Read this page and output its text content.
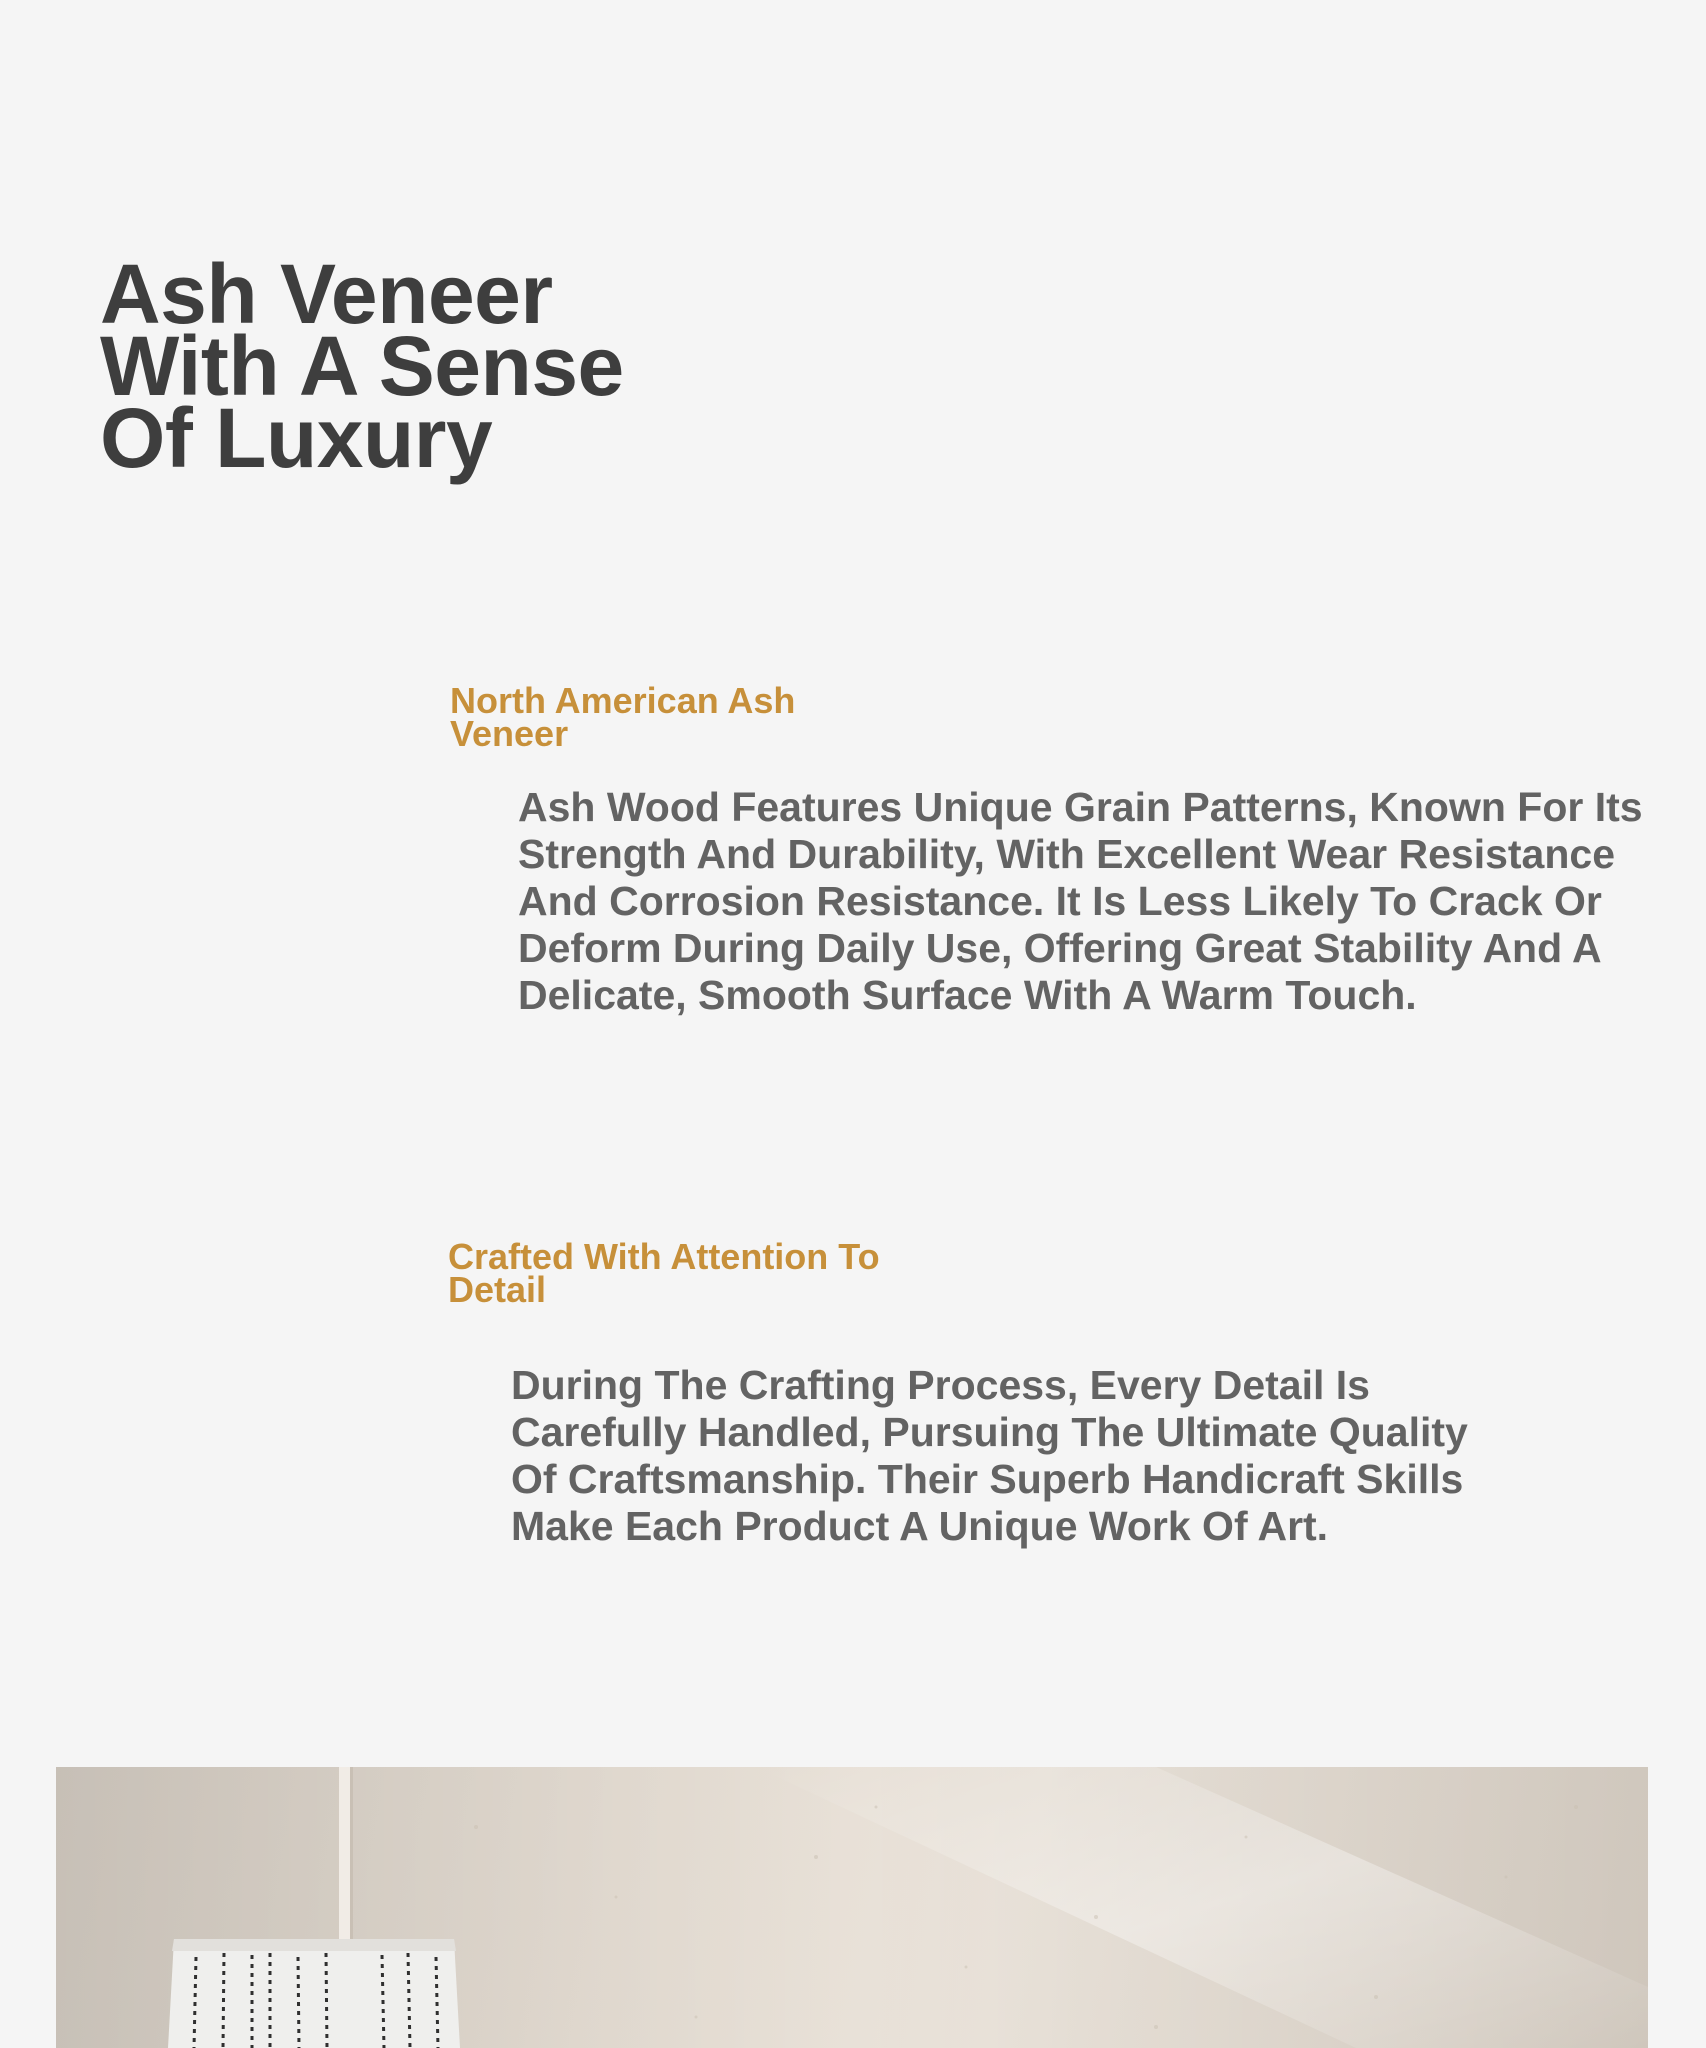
Ash Veneer
With A Sense
Of Luxury
North American Ash
Veneer

Ash Wood Features Unique Grain Patterns, Known For Its
Strength And Durability, With Excellent Wear Resistance
And Corrosion Resistance. It Is Less Likely To Crack Or
Deform During Daily Use, Offering Great Stability And A
Delicate, Smooth Surface With A Warm Touch.

Crafted With Attention To
Detail

During The Crafting Process, Every Detail Is
Carefully Handled, Pursuing The Ultimate Quality
Of Craftsmanship. Their Superb Handicraft Skills
Make Each Product A Unique Work Of Art.
